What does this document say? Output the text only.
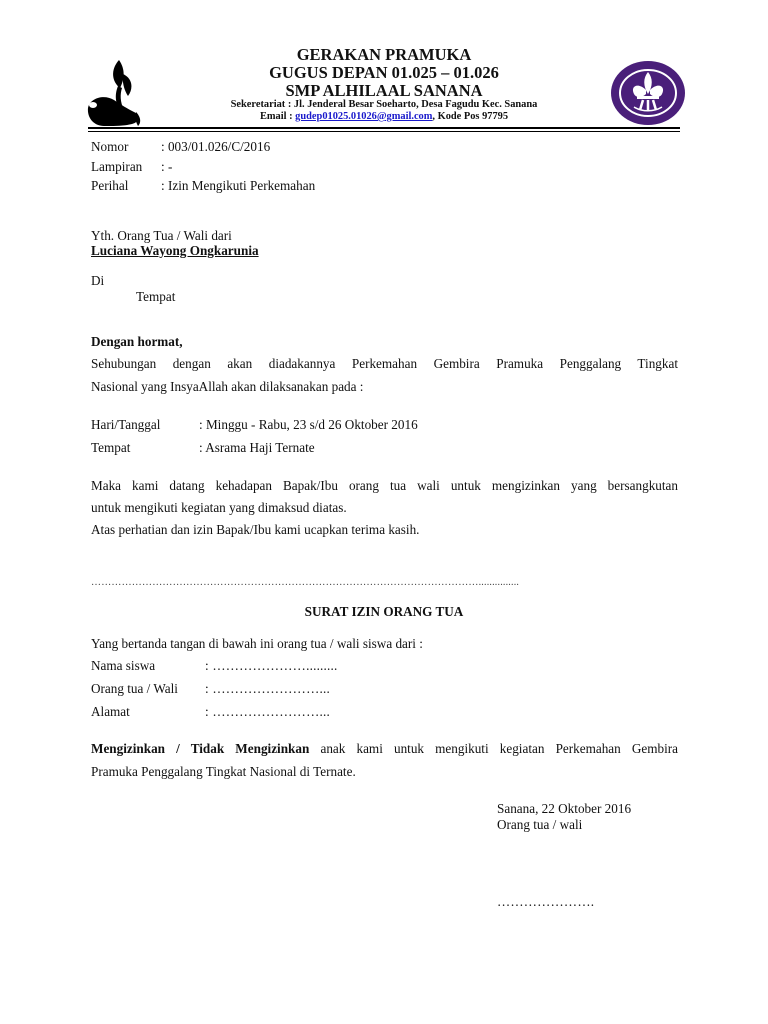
GERAKAN PRAMUKA
GUGUS DEPAN 01.025 – 01.026
SMP ALHILAAL SANANA
Sekeretariat : Jl. Jenderal Besar Soeharto, Desa Fagudu Kec. Sanana
Email : gudep01025.01026@gmail.com, Kode Pos 97795
Nomor : 003/01.026/C/2016
Lampiran : -
Perihal : Izin Mengikuti Perkemahan
Yth. Orang Tua / Wali dari
Luciana Wayong Ongkarunia
Di
Tempat
Dengan hormat,
Sehubungan dengan akan diadakannya Perkemahan Gembira Pramuka Penggalang Tingkat
Nasional yang InsyaAllah akan dilaksanakan pada :
Hari/Tanggal	: Minggu - Rabu, 23 s/d 26 Oktober 2016
Tempat	: Asrama Haji Ternate
Maka kami datang kehadapan Bapak/Ibu orang tua wali untuk mengizinkan yang bersangkutan
untuk mengikuti kegiatan yang dimaksud diatas.
Atas perhatian dan izin Bapak/Ibu kami ucapkan terima kasih.
……………………………………………………………………………………………………...............
SURAT IZIN ORANG TUA
Yang bertanda tangan di bawah ini orang tua / wali siswa dari :
Nama siswa	: ………………….........
Orang tua / Wali : ……………………...
Alamat	: ……………………...
Mengizinkan / Tidak Mengizinkan anak kami untuk mengikuti kegiatan Perkemahan Gembira
Pramuka Penggalang Tingkat Nasional di Ternate.
Sanana, 22 Oktober 2016
Orang tua / wali
………………….
